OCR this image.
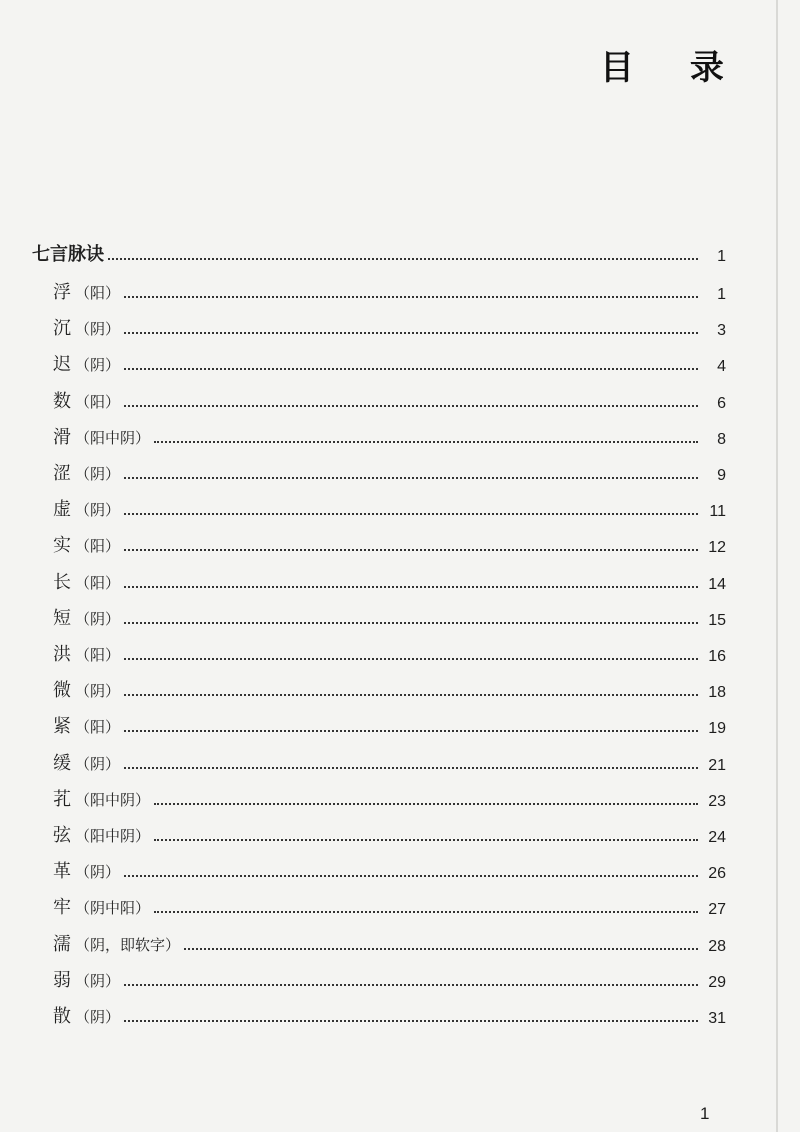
目 录
七言脉诀	1
浮 （阳）	1
沉 （阴）	3
迟 （阴）	4
数 （阳）	6
滑 （阳中阴）	8
涩 （阴）	9
虚 （阴）	11
实 （阳）	12
长 （阳）	14
短 （阴）	15
洪 （阳）	16
微 （阴）	18
紧 （阳）	19
缓 （阴）	21
芤 （阳中阴）	23
弦 （阳中阴）	24
革 （阴）	26
牢 （阴中阳）	27
濡 （阴，即软字）	28
弱 （阴）	29
散 （阴）	31
1
